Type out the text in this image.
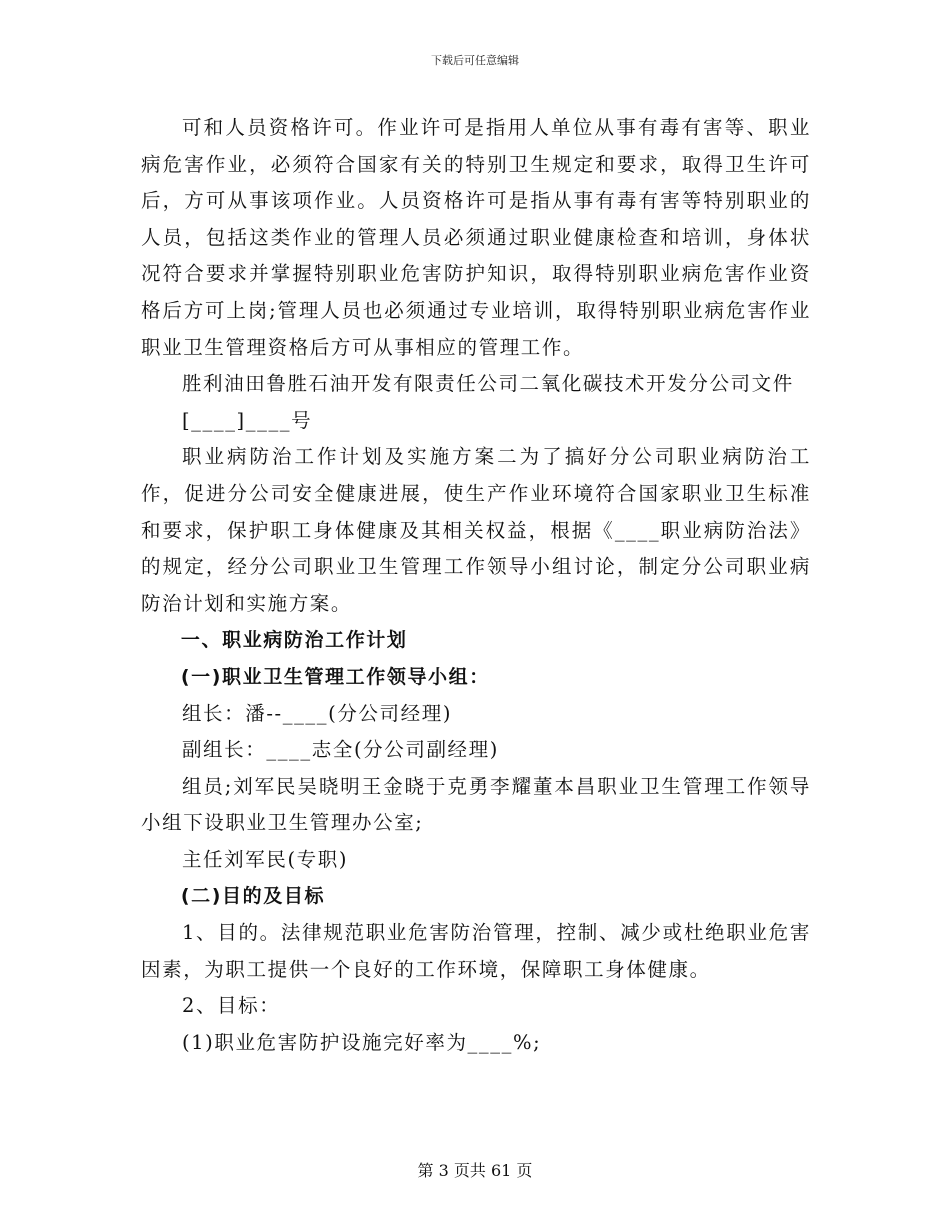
下载后可任意编辑

可和人员资格许可。作业许可是指用人单位从事有毒有害等、职业病危害作业，必须符合国家有关的特别卫生规定和要求，取得卫生许可后，方可从事该项作业。人员资格许可是指从事有毒有害等特别职业的人员，包括这类作业的管理人员必须通过职业健康检查和培训，身体状况符合要求并掌握特别职业危害防护知识，取得特别职业病危害作业资格后方可上岗;管理人员也必须通过专业培训，取得特别职业病危害作业职业卫生管理资格后方可从事相应的管理工作。

胜利油田鲁胜石油开发有限责任公司二氧化碳技术开发分公司文件

[____]____号

职业病防治工作计划及实施方案二为了搞好分公司职业病防治工作，促进分公司安全健康进展，使生产作业环境符合国家职业卫生标准和要求，保护职工身体健康及其相关权益，根据《____职业病防治法》的规定，经分公司职业卫生管理工作领导小组讨论，制定分公司职业病防治计划和实施方案。

一、职业病防治工作计划

(一)职业卫生管理工作领导小组：

组长：潘--____(分公司经理)

副组长：____志全(分公司副经理)

组员;刘军民吴晓明王金晓于克勇李耀董本昌职业卫生管理工作领导小组下设职业卫生管理办公室;

主任刘军民(专职)

(二)目的及目标

1、目的。法律规范职业危害防治管理，控制、减少或杜绝职业危害因素，为职工提供一个良好的工作环境，保障职工身体健康。

2、目标：

(1)职业危害防护设施完好率为____%;

第 3 页共 61 页
